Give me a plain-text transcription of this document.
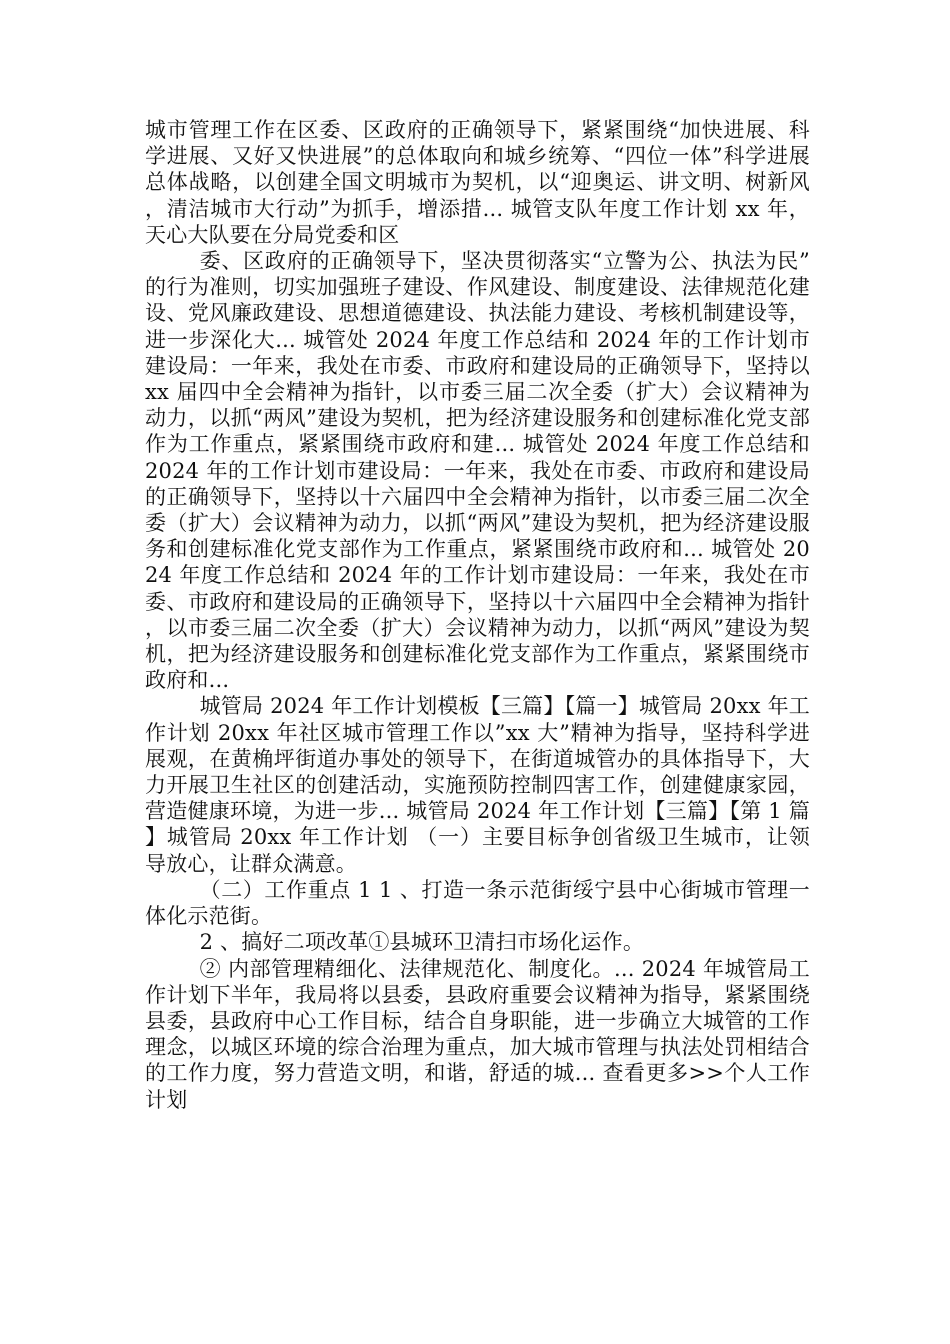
城市管理工作在区委、区政府的正确领导下，紧紧围绕“加快进展、科学进展、又好又快进展”的总体取向和城乡统筹、“四位一体”科学进展总体战略，以创建全国文明城市为契机，以“迎奥运、讲文明、树新风，清洁城市大行动”为抓手，增添措... 城管支队年度工作计划 xx 年，天心大队要在分局党委和区

委、区政府的正确领导下，坚决贯彻落实“立警为公、执法为民”的行为准则，切实加强班子建设、作风建设、制度建设、法律规范化建设、党风廉政建设、思想道德建设、执法能力建设、考核机制建设等，进一步深化大... 城管处 2024 年度工作总结和 2024 年的工作计划市建设局：一年来，我处在市委、市政府和建设局的正确领导下，坚持以 xx 届四中全会精神为指针，以市委三届二次全委（扩大）会议精神为动力，以抓“两风”建设为契机，把为经济建设服务和创建标准化党支部作为工作重点，紧紧围绕市政府和建... 城管处 2024 年度工作总结和 2024 年的工作计划市建设局：一年来，我处在市委、市政府和建设局的正确领导下，坚持以十六届四中全会精神为指针，以市委三届二次全委（扩大）会议精神为动力，以抓“两风”建设为契机，把为经济建设服务和创建标准化党支部作为工作重点，紧紧围绕市政府和... 城管处 2024 年度工作总结和 2024 年的工作计划市建设局：一年来，我处在市委、市政府和建设局的正确领导下，坚持以十六届四中全会精神为指针，以市委三届二次全委（扩大）会议精神为动力，以抓“两风”建设为契机，把为经济建设服务和创建标准化党支部作为工作重点，紧紧围绕市政府和...

城管局 2024 年工作计划模板【三篇】【篇一】城管局 20xx 年工作计划 20xx 年社区城市管理工作以”xx 大”精神为指导，坚持科学进展观，在黄桷坪街道办事处的领导下，在街道城管办的具体指导下，大力开展卫生社区的创建活动，实施预防控制四害工作，创建健康家园，营造健康环境，为进一步... 城管局 2024 年工作计划【三篇】【第 1 篇】城管局 20xx 年工作计划 （一）主要目标争创省级卫生城市，让领导放心，让群众满意。

（二）工作重点 1 1 、打造一条示范街绥宁县中心街城市管理一体化示范街。

2 、搞好二项改革①县城环卫清扫市场化运作。

② 内部管理精细化、法律规范化、制度化。... 2024 年城管局工作计划下半年，我局将以县委，县政府重要会议精神为指导，紧紧围绕县委，县政府中心工作目标，结合自身职能，进一步确立大城管的工作理念，以城区环境的综合治理为重点，加大城市管理与执法处罚相结合的工作力度，努力营造文明，和谐，舒适的城... 查看更多>>个人工作计划
